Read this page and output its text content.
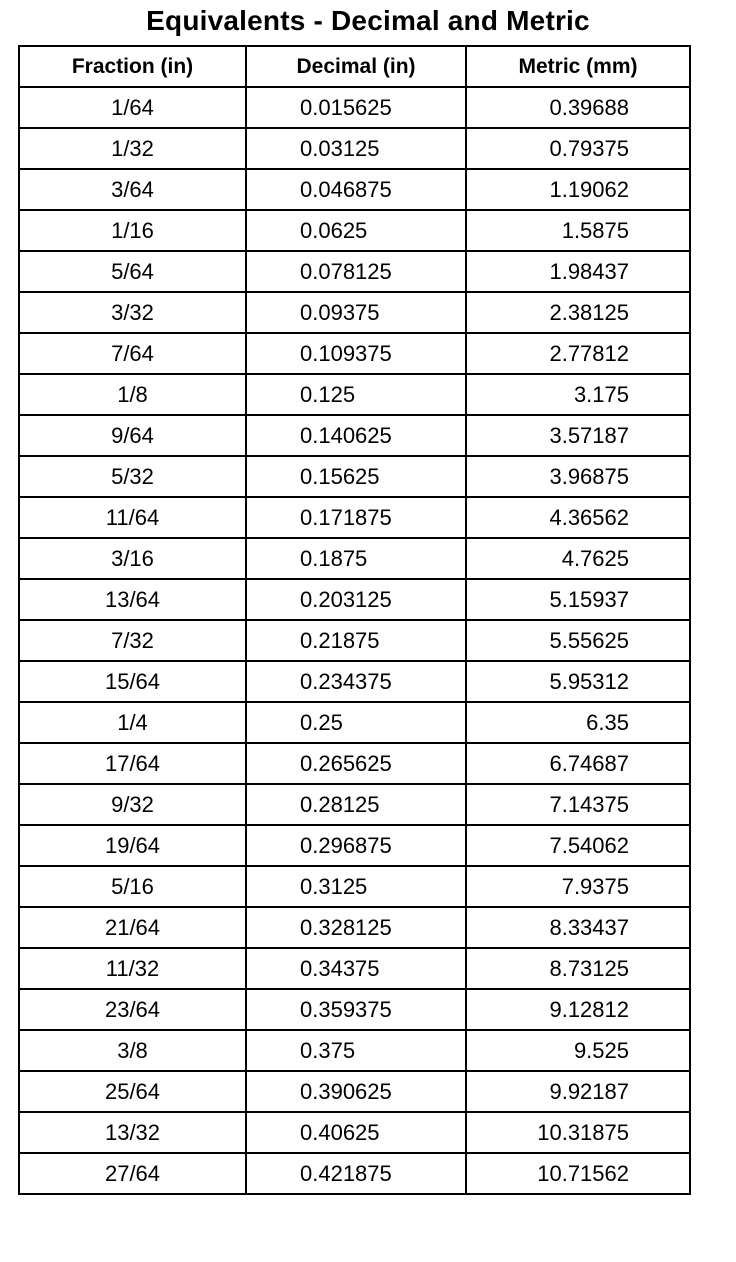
Equivalents - Decimal and Metric
Fraction (in)	Decimal (in)	Metric (mm)
1/64	0.015625	0.39688
1/32	0.03125	0.79375
3/64	0.046875	1.19062
1/16	0.0625	1.5875
5/64	0.078125	1.98437
3/32	0.09375	2.38125
7/64	0.109375	2.77812
1/8	0.125	3.175
9/64	0.140625	3.57187
5/32	0.15625	3.96875
11/64	0.171875	4.36562
3/16	0.1875	4.7625
13/64	0.203125	5.15937
7/32	0.21875	5.55625
15/64	0.234375	5.95312
1/4	0.25	6.35
17/64	0.265625	6.74687
9/32	0.28125	7.14375
19/64	0.296875	7.54062
5/16	0.3125	7.9375
21/64	0.328125	8.33437
11/32	0.34375	8.73125
23/64	0.359375	9.12812
3/8	0.375	9.525
25/64	0.390625	9.92187
13/32	0.40625	10.31875
27/64	0.421875	10.71562
